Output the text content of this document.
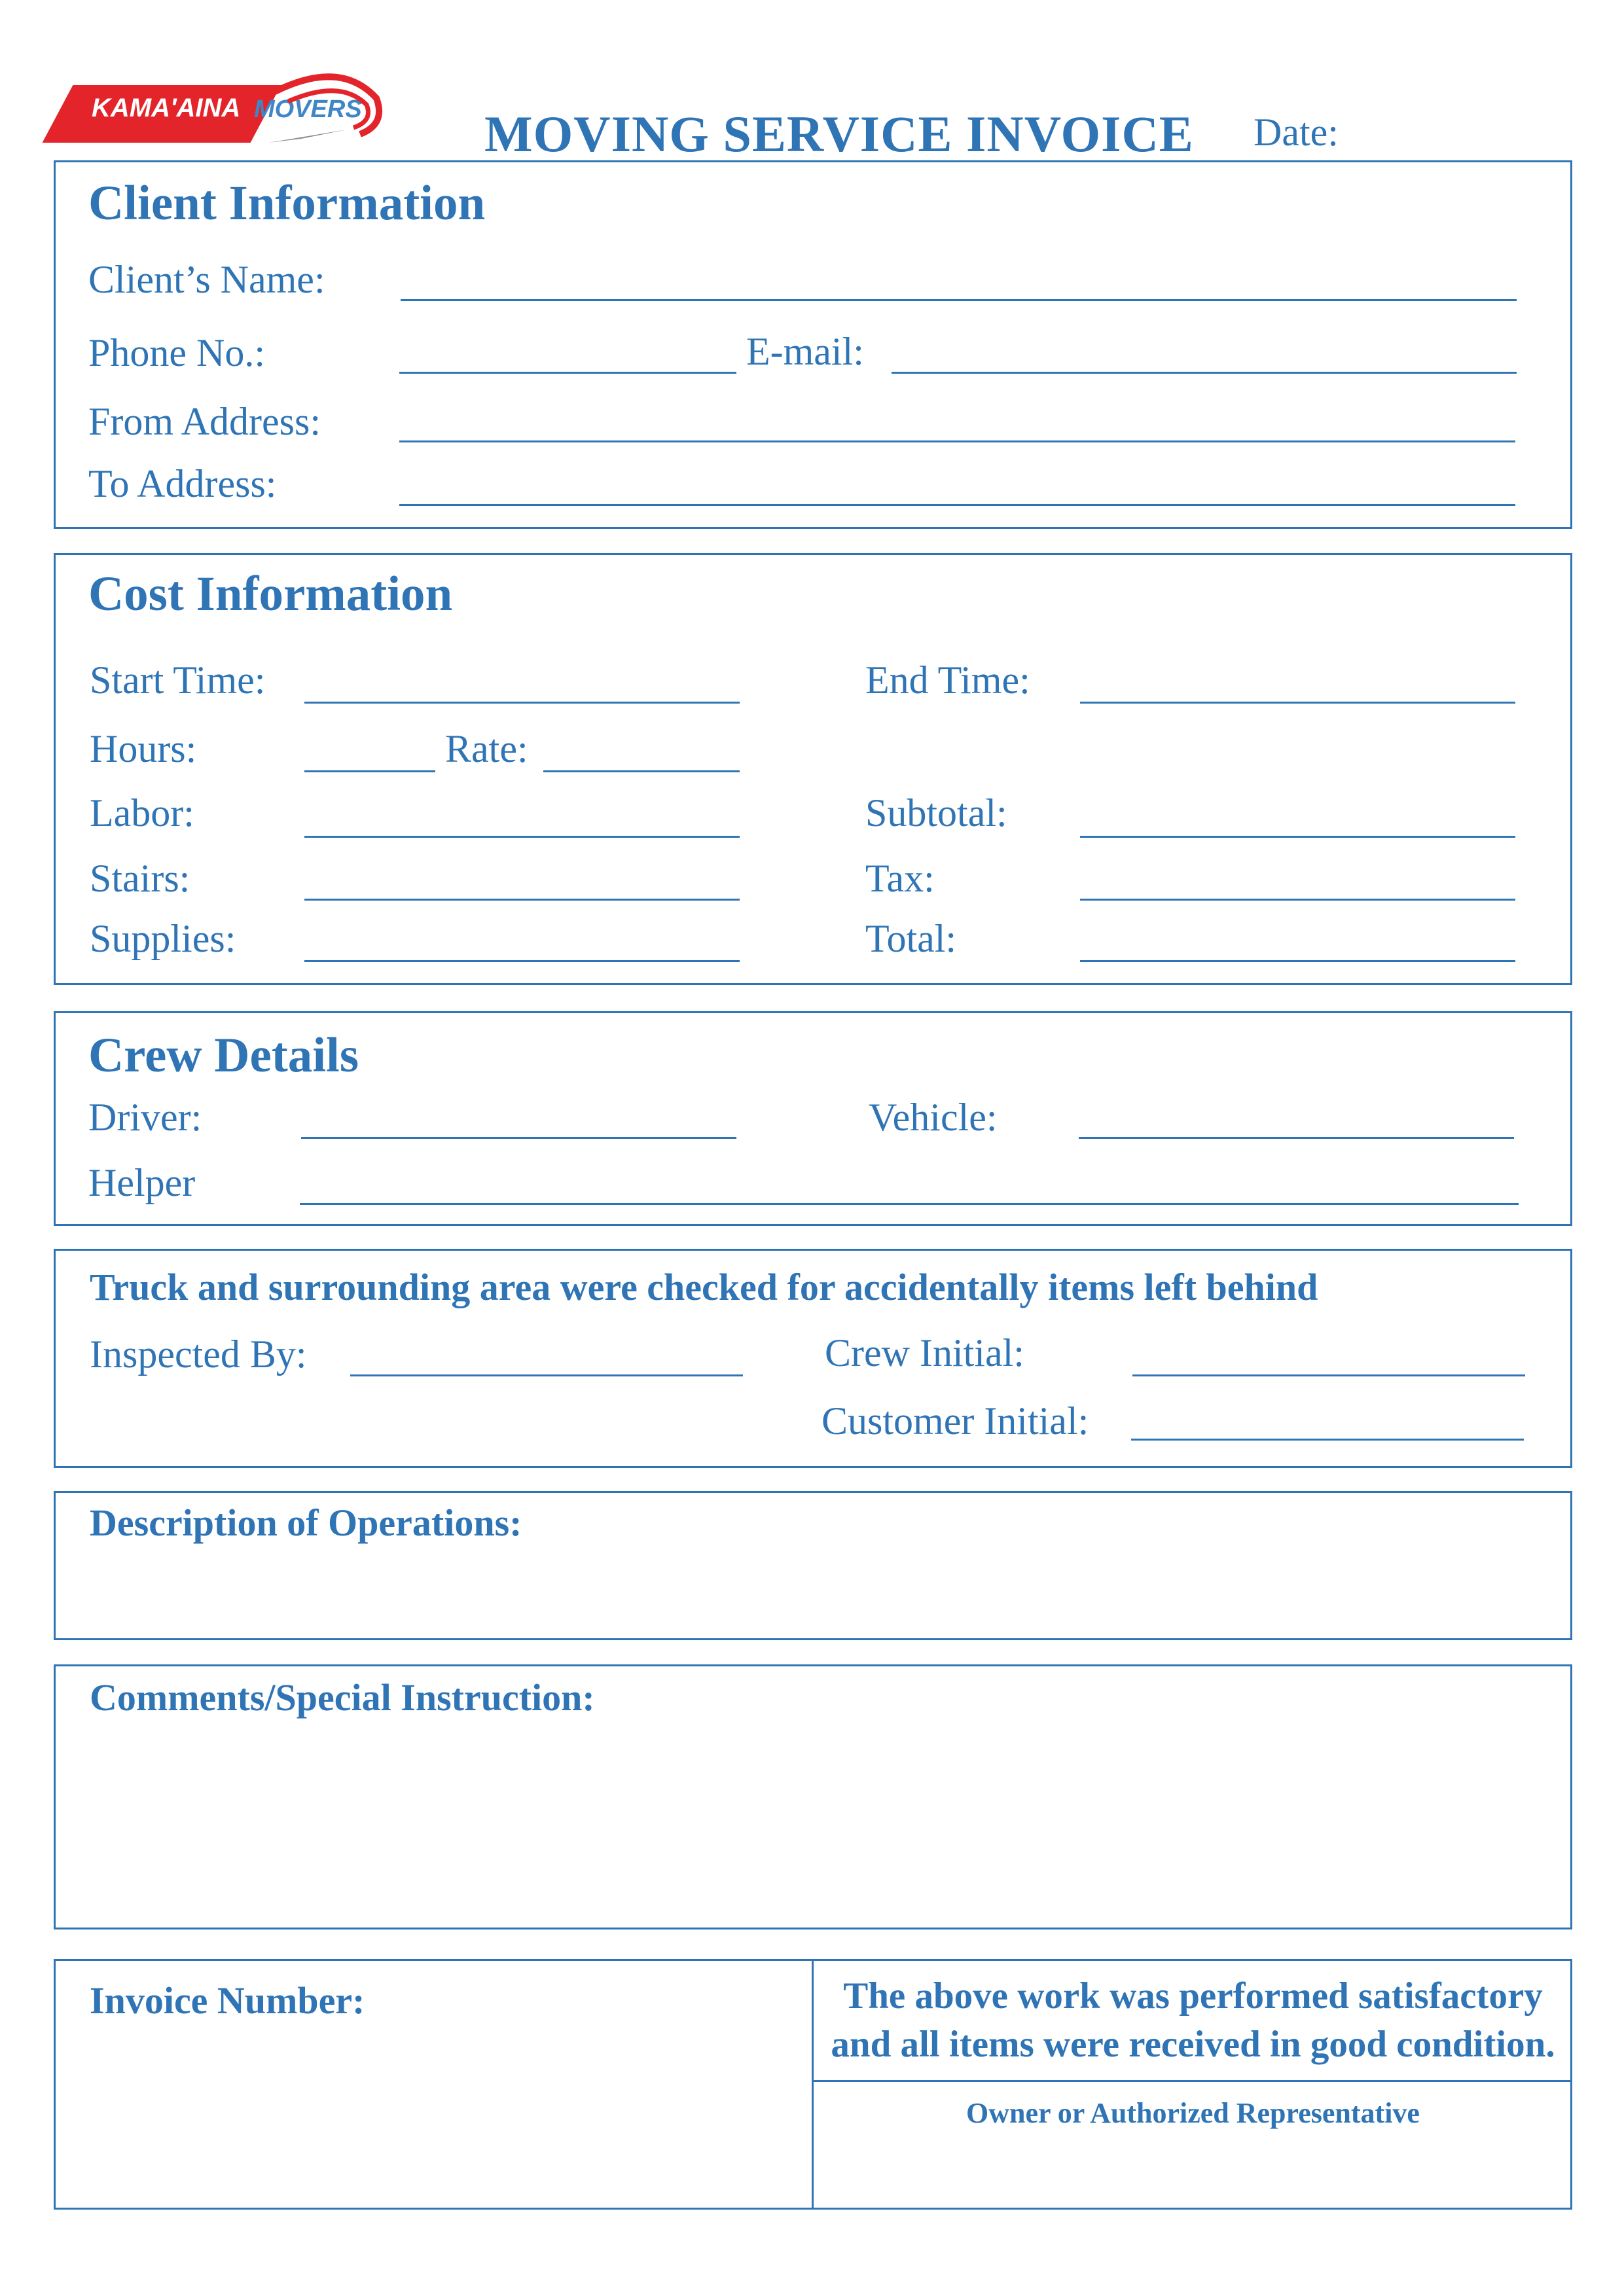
KAMA'AINA MOVERS MOVING SERVICE INVOICE Date:
Client Information
Client’s Name:
Phone No.:	E-mail:
From Address:
To Address:
Cost Information
Start Time:	End Time:
Hours:	Rate:
Labor:	Subtotal:
Stairs:	Tax:
Supplies:	Total:
Crew Details
Driver:	Vehicle:
Helper
Truck and surrounding area were checked for accidentally items left behind
Inspected By:	Crew Initial:
Customer Initial:
Description of Operations:
Comments/Special Instruction:
Invoice Number:	The above work was performed satisfactory
and all items were received in good condition.
Owner or Authorized Representative
